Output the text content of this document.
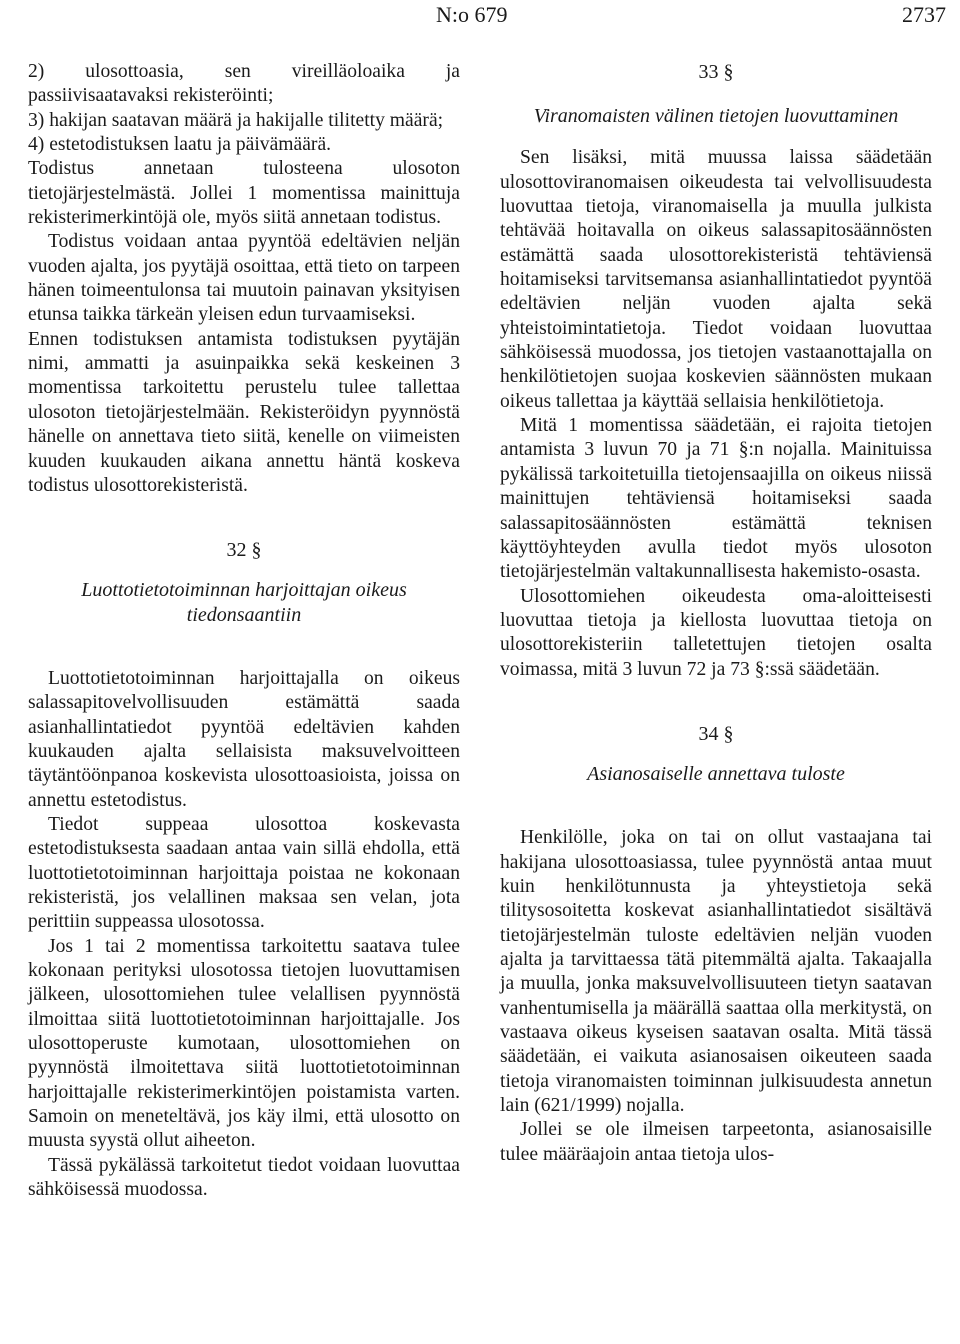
N:o 679	2737

2) ulosottoasia, sen vireilläoloaika ja passiivisaatavaksi rekisteröinti;

3) hakijan saatavan määrä ja hakijalle tilitetty määrä;

4) estetodistuksen laatu ja päivämäärä.

Todistus annetaan tulosteena ulosoton tietojärjestelmästä. Jollei 1 momentissa mainittuja rekisterimerkintöjä ole, myös siitä annetaan todistus.

Todistus voidaan antaa pyyntöä edeltävien neljän vuoden ajalta, jos pyytäjä osoittaa, että tieto on tarpeen hänen toimeentulonsa tai muutoin painavan yksityisen etunsa taikka tärkeän yleisen edun turvaamiseksi.

Ennen todistuksen antamista todistuksen pyytäjän nimi, ammatti ja asuinpaikka sekä keskeinen 3 momentissa tarkoitettu perustelu tulee tallettaa ulosoton tietojärjestelmään. Rekisteröidyn pyynnöstä hänelle on annettava tieto siitä, kenelle on viimeisten kuuden kuukauden aikana annettu häntä koskeva todistus ulosottorekisteristä.

32 §
Luottotietotoiminnan harjoittajan oikeus tiedonsaantiin

Luottotietotoiminnan harjoittajalla on oikeus salassapitovelvollisuuden estämättä saada asianhallintatiedot pyyntöä edeltävien kahden kuukauden ajalta sellaisista maksuvelvoitteen täytäntöönpanoa koskevista ulosottoasioista, joissa on annettu estetodistus.

Tiedot suppeaa ulosottoa koskevasta estetodistuksesta saadaan antaa vain sillä ehdolla, että luottotietotoiminnan harjoittaja poistaa ne kokonaan rekisteristä, jos velallinen maksaa sen velan, jota perittiin suppeassa ulosotossa.

Jos 1 tai 2 momentissa tarkoitettu saatava tulee kokonaan perityksi ulosotossa tietojen luovuttamisen jälkeen, ulosottomiehen tulee velallisen pyynnöstä ilmoittaa siitä luottotietotoiminnan harjoittajalle. Jos ulosottoperuste kumotaan, ulosottomiehen on pyynnöstä ilmoitettava siitä luottotietotoiminnan harjoittajalle rekisterimerkintöjen poistamista varten. Samoin on meneteltävä, jos käy ilmi, että ulosotto on muusta syystä ollut aiheeton.

Tässä pykälässä tarkoitetut tiedot voidaan luovuttaa sähköisessä muodossa.

33 §
Viranomaisten välinen tietojen luovuttaminen

Sen lisäksi, mitä muussa laissa säädetään ulosottoviranomaisen oikeudesta tai velvollisuudesta luovuttaa tietoja, viranomaisella ja muulla julkista tehtävää hoitavalla on oikeus salassapitosäännösten estämättä saada ulosottorekisteristä tehtäviensä hoitamiseksi tarvitsemansa asianhallintatiedot pyyntöä edeltävien neljän vuoden ajalta sekä yhteistoimintatietoja. Tiedot voidaan luovuttaa sähköisessä muodossa, jos tietojen vastaanottajalla on henkilötietojen suojaa koskevien säännösten mukaan oikeus tallettaa ja käyttää sellaisia henkilötietoja.

Mitä 1 momentissa säädetään, ei rajoita tietojen antamista 3 luvun 70 ja 71 §:n nojalla. Mainituissa pykälissä tarkoitetuilla tietojensaajilla on oikeus niissä mainittujen tehtäviensä hoitamiseksi saada salassapitosäännösten estämättä teknisen käyttöyhteyden avulla tiedot myös ulosoton tietojärjestelmän valtakunnallisesta hakemisto-osasta.

Ulosottomiehen oikeudesta oma-aloitteisesti luovuttaa tietoja ja kiellosta luovuttaa tietoja on ulosottorekisteriin talletettujen tietojen osalta voimassa, mitä 3 luvun 72 ja 73 §:ssä säädetään.

34 §
Asianosaiselle annettava tuloste

Henkilölle, joka on tai on ollut vastaajana tai hakijana ulosottoasiassa, tulee pyynnöstä antaa muut kuin henkilötunnusta ja yhteystietoja sekä tilitysosoitetta koskevat asianhallintatiedot sisältävä tietojärjestelmän tuloste edeltävien neljän vuoden ajalta ja tarvittaessa tätä pitemmältä ajalta. Takaajalla ja muulla, jonka maksuvelvollisuuteen tietyn saatavan vanhentumisella ja määrällä saattaa olla merkitystä, on vastaava oikeus kyseisen saatavan osalta. Mitä tässä säädetään, ei vaikuta asianosaisen oikeuteen saada tietoja viranomaisten toiminnan julkisuudesta annetun lain (621/1999) nojalla.

Jollei se ole ilmeisen tarpeetonta, asianosaisille tulee määräajoin antaa tietoja ulos-
